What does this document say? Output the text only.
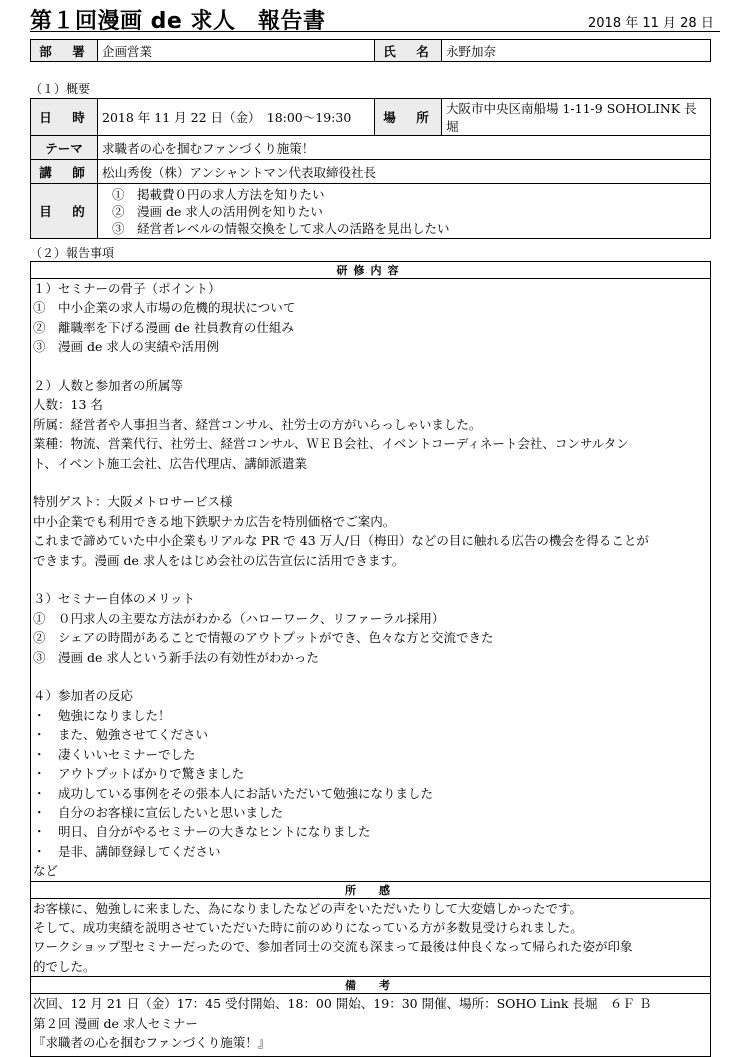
第１回漫画 de 求人　報告書	2018 年 11 月 28 日
部　署	企画営業	氏　名	永野加奈
（１）概要
日　時	2018 年 11 月 22 日（金）　18:00〜19:30	場　所	大阪市中央区南船場 1-11-9 SOHOLINK 長堀
テーマ	求職者の心を掴むファンづくり施策！		
講　師	松山秀俊（株）アンシャントマン代表取締役社長		
目　的	①　掲載費０円の求人方法を知りたい
②　漫画 de 求人の活用例を知りたい
③　経営者レベルの情報交換をして求人の活路を見出したい		
（２）報告事項
研修内容

１）セミナーの骨子（ポイント）
①　中小企業の求人市場の危機的現状について
②　離職率を下げる漫画 de 社員教育の仕組み
③　漫画 de 求人の実績や活用例
２）人数と参加者の所属等
人数：13 名
所属：経営者や人事担当者、経営コンサル、社労士の方がいらっしゃいました。
業種：物流、営業代行、社労士、経営コンサル、ＷＥＢ会社、イベントコーディネート会社、コンサルタン
ト、イベント施工会社、広告代理店、講師派遣業
特別ゲスト：大阪メトロサービス様
中小企業でも利用できる地下鉄駅ナカ広告を特別価格でご案内。
これまで諦めていた中小企業もリアルな PR で 43 万人/日（梅田）などの目に触れる広告の機会を得ることが
できます。漫画 de 求人をはじめ会社の広告宣伝に活用できます。
３）セミナー自体のメリット
①　０円求人の主要な方法がわかる（ハローワーク、リファーラル採用）
②　シェアの時間があることで情報のアウトプットができ、色々な方と交流できた
③　漫画 de 求人という新手法の有効性がわかった
４）参加者の反応
・　勉強になりました！
・　また、勉強させてください
・　凄くいいセミナーでした
・　アウトプットばかりで驚きました
・　成功している事例をその張本人にお話いただいて勉強になりました
・　自分のお客様に宣伝したいと思いました
・　明日、自分がやるセミナーの大きなヒントになりました
・　是非、講師登録してください
など

所　感

お客様に、勉強しに来ました、為になりましたなどの声をいただいたりして大変嬉しかったです。
そして、成功実績を説明させていただいた時に前のめりになっている方が多数見受けられました。
ワークショップ型セミナーだったので、参加者同士の交流も深まって最後は仲良くなって帰られた姿が印象
的でした。

備　考

次回、12 月 21 日（金）17：45 受付開始、18：00 開始、19：30 開催、場所：SOHO Link 長堀　６Ｆ Ｂ
第２回 漫画 de 求人セミナー
『求職者の心を掴むファンづくり施策！』
